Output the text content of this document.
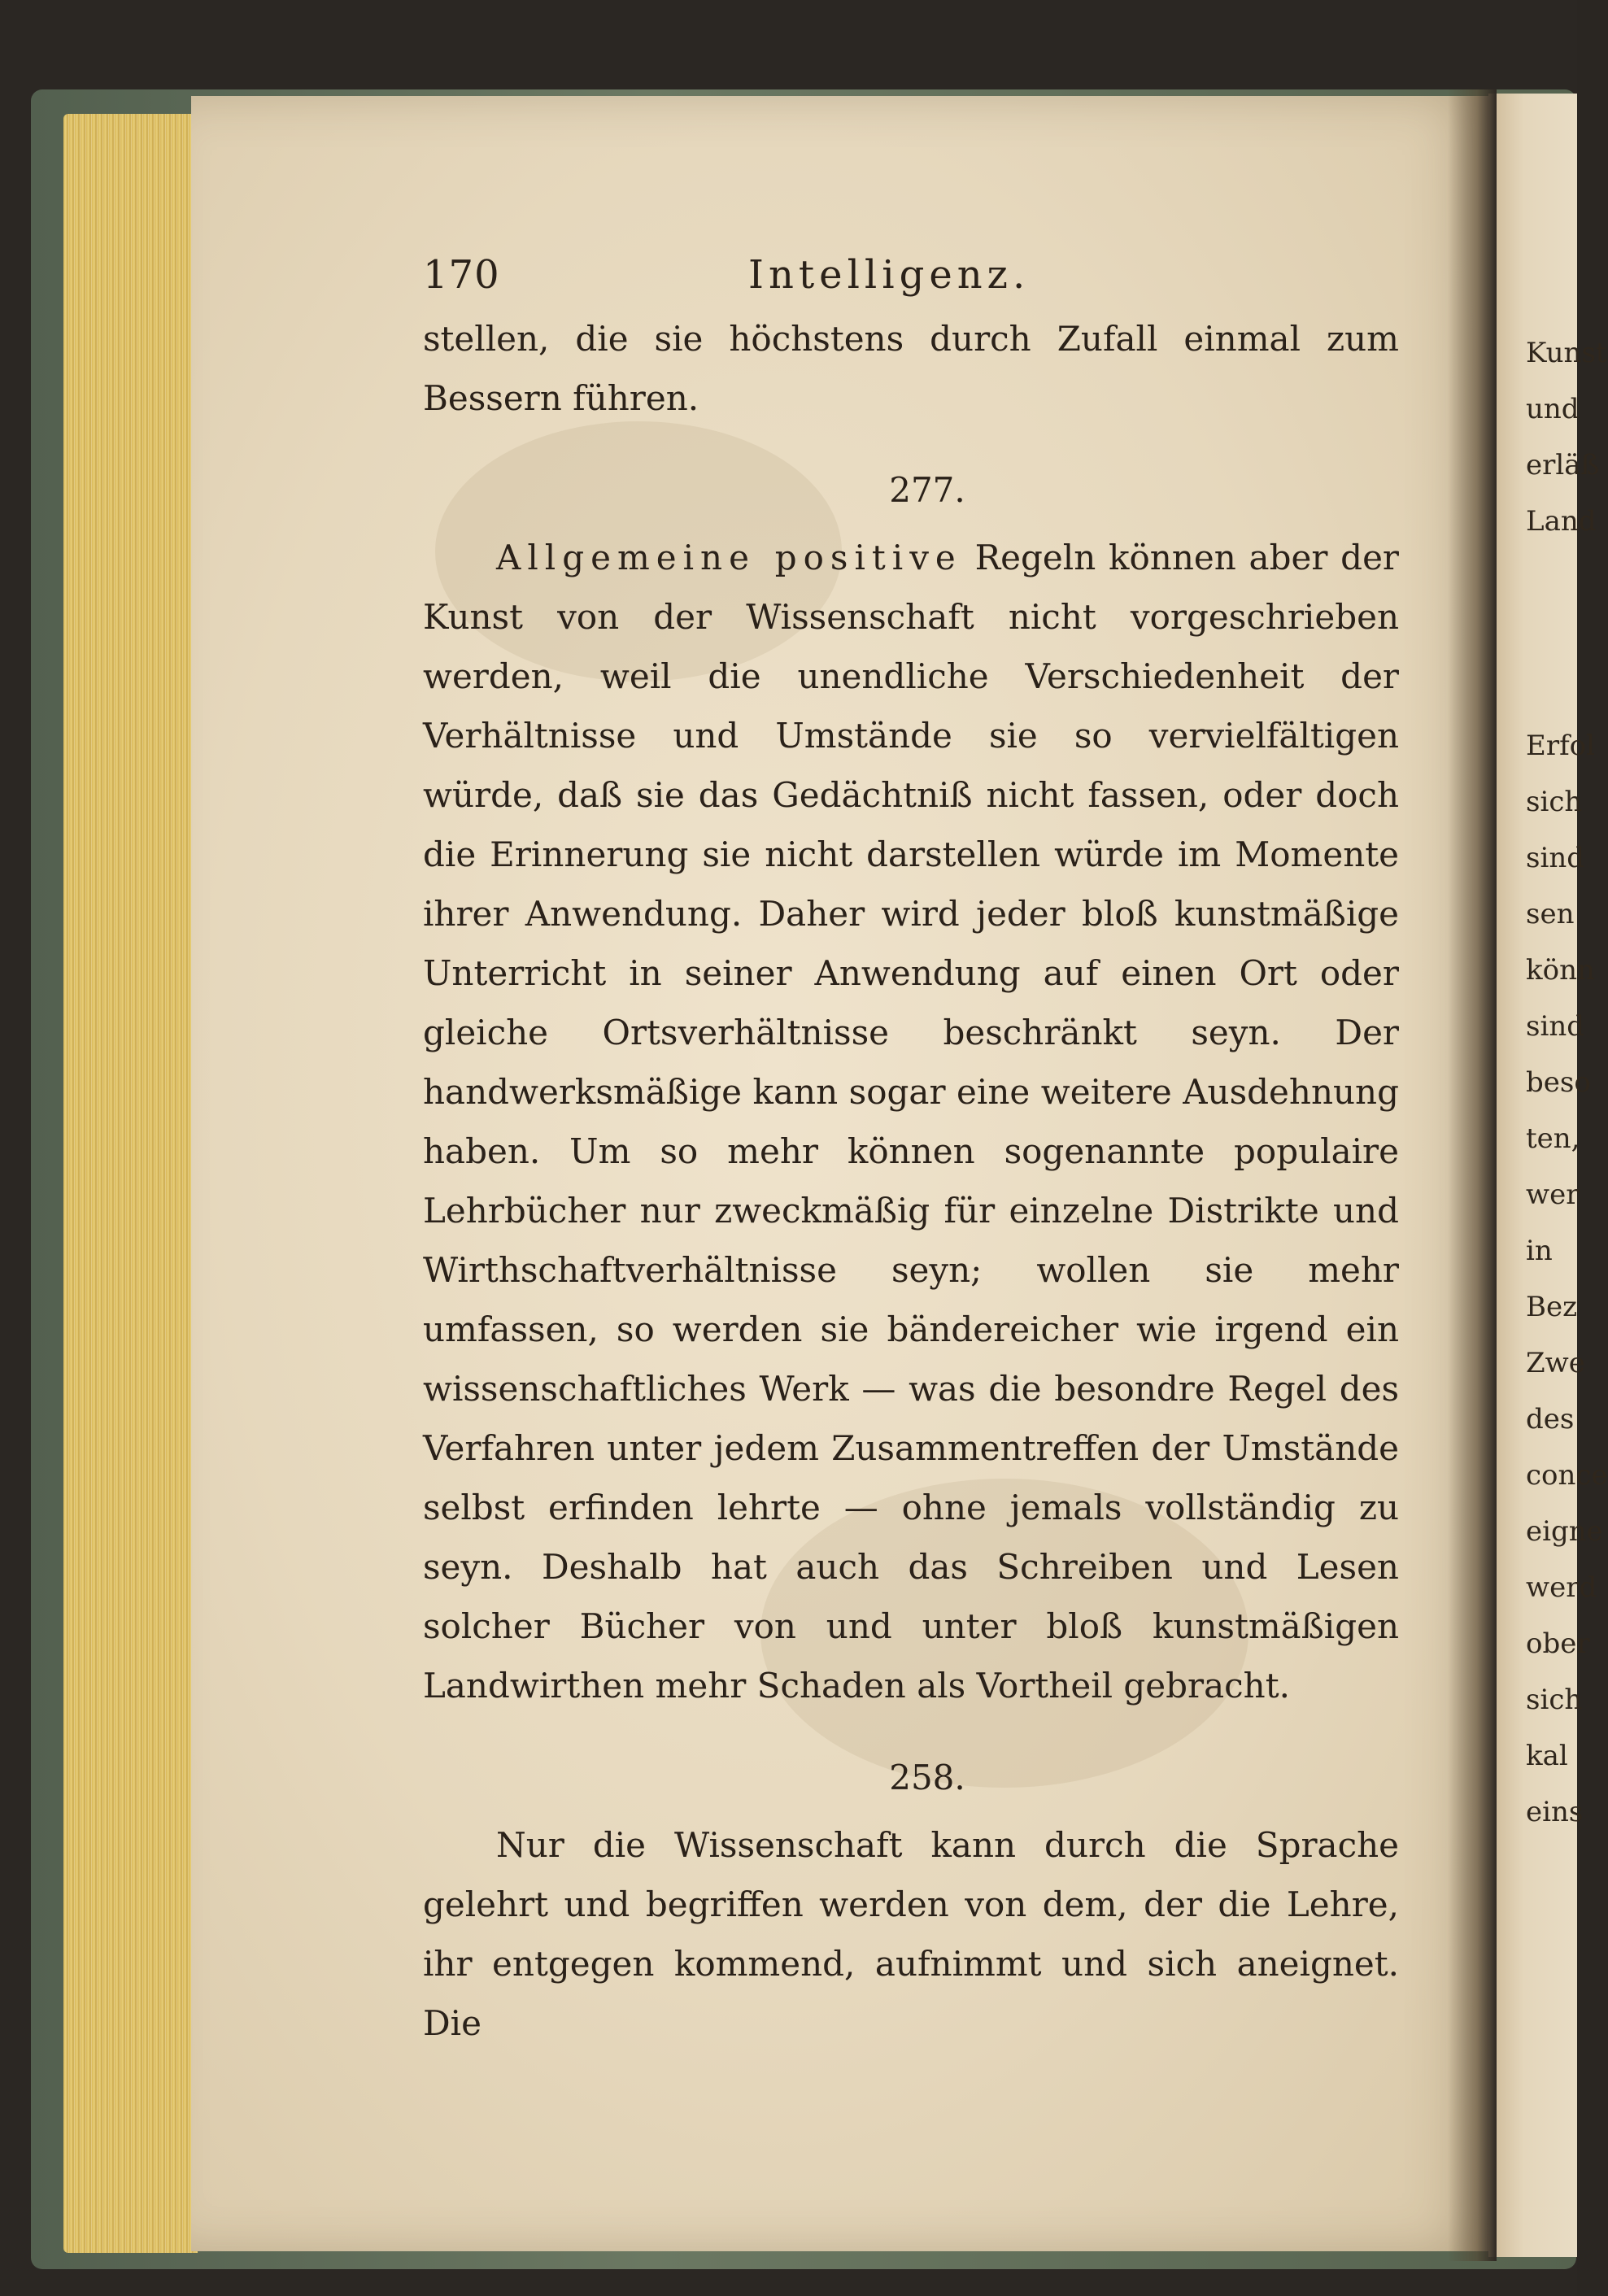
Kunst
und
erläß
Land
Erfol
sich
sind
sen
könn
sind
beso
ten,
wer
in
Bez
Zwe
des
conce
eigne
werd
ober
sich
kal
eins
170	Intelligenz.

stellen, die sie höchstens durch Zufall einmal zum Bessern führen.

277.

Allgemeine positive Regeln können aber der Kunst von der Wissenschaft nicht vorgeschrieben werden, weil die unendliche Verschiedenheit der Verhältnisse und Umstände sie so vervielfältigen würde, daß sie das Gedächtniß nicht fassen, oder doch die Erinnerung sie nicht darstellen würde im Momente ihrer Anwendung. Daher wird jeder bloß kunstmäßige Unterricht in seiner Anwendung auf einen Ort oder gleiche Ortsverhältnisse beschränkt seyn. Der handwerksmäßige kann sogar eine weitere Ausdehnung haben. Um so mehr können sogenannte populaire Lehrbücher nur zweckmäßig für einzelne Distrikte und Wirthschaftverhältnisse seyn; wollen sie mehr umfassen, so werden sie bändereicher wie irgend ein wissenschaftliches Werk — was die besondre Regel des Verfahren unter jedem Zusammentreffen der Umstände selbst erfinden lehrte — ohne jemals vollständig zu seyn. Deshalb hat auch das Schreiben und Lesen solcher Bücher von und unter bloß kunstmäßigen Landwirthen mehr Schaden als Vortheil gebracht.

258.

Nur die Wissenschaft kann durch die Sprache gelehrt und begriffen werden von dem, der die Lehre, ihr entgegen kommend, aufnimmt und sich aneignet. Die
